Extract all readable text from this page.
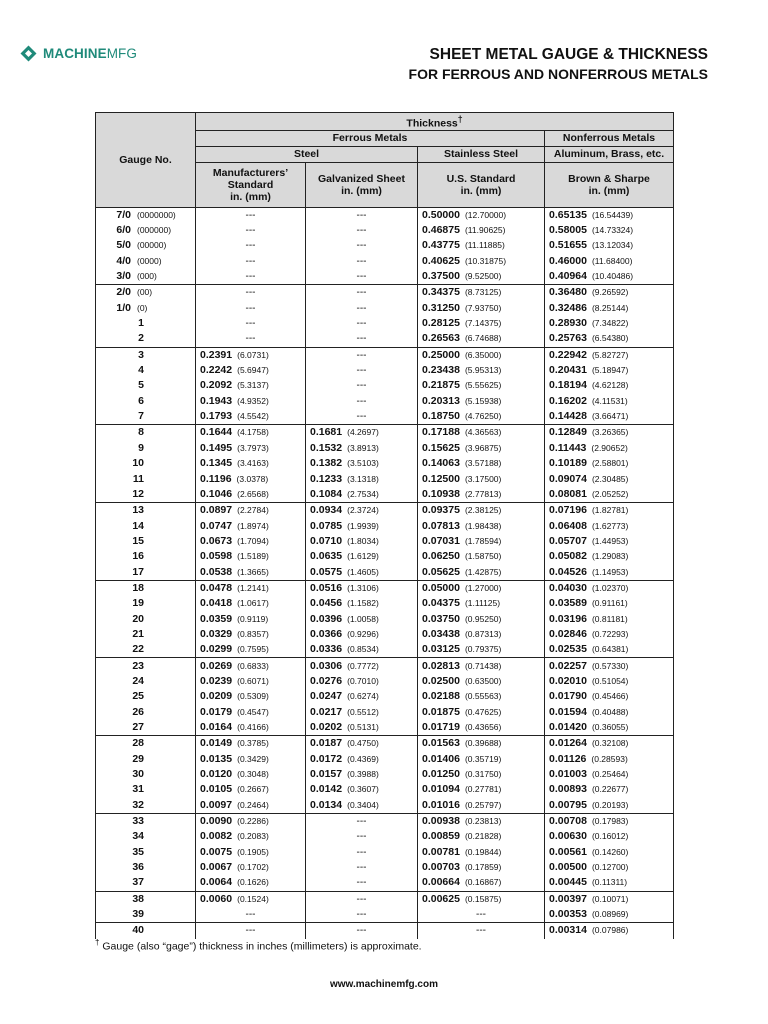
MACHINEMFG	SHEET METAL GAUGE & THICKNESS
FOR FERROUS AND NONFERROUS METALS
Gauge No.	Thickness†
	Ferrous Metals			Nonferrous Metals
	Steel		Stainless Steel	Aluminum, Brass, etc.
	Manufacturers’
Standard
in. (mm)	Galvanized Sheet
in. (mm)	U.S. Standard
in. (mm)	Brown & Sharpe
in. (mm)
7/0 (0000000)	---	---	0.50000 (12.70000)	0.65135 (16.54439)
6/0 (000000)	---	---	0.46875 (11.90625)	0.58005 (14.73324)
5/0 (00000)	---	---	0.43775 (11.11885)	0.51655 (13.12034)
4/0 (0000)	---	---	0.40625 (10.31875)	0.46000 (11.68400)
3/0 (000)	---	---	0.37500 (9.52500)	0.40964 (10.40486)
2/0 (00)	---	---	0.34375 (8.73125)	0.36480 (9.26592)
1/0 (0)	---	---	0.31250 (7.93750)	0.32486 (8.25144)
1	---	---	0.28125 (7.14375)	0.28930 (7.34822)
2	---	---	0.26563 (6.74688)	0.25763 (6.54380)
3	0.2391 (6.0731)	---	0.25000 (6.35000)	0.22942 (5.82727)
4	0.2242 (5.6947)	---	0.23438 (5.95313)	0.20431 (5.18947)
5	0.2092 (5.3137)	---	0.21875 (5.55625)	0.18194 (4.62128)
6	0.1943 (4.9352)	---	0.20313 (5.15938)	0.16202 (4.11531)
7	0.1793 (4.5542)	---	0.18750 (4.76250)	0.14428 (3.66471)
8	0.1644 (4.1758)	0.1681 (4.2697)	0.17188 (4.36563)	0.12849 (3.26365)
9	0.1495 (3.7973)	0.1532 (3.8913)	0.15625 (3.96875)	0.11443 (2.90652)
10	0.1345 (3.4163)	0.1382 (3.5103)	0.14063 (3.57188)	0.10189 (2.58801)
11	0.1196 (3.0378)	0.1233 (3.1318)	0.12500 (3.17500)	0.09074 (2.30485)
12	0.1046 (2.6568)	0.1084 (2.7534)	0.10938 (2.77813)	0.08081 (2.05252)
13	0.0897 (2.2784)	0.0934 (2.3724)	0.09375 (2.38125)	0.07196 (1.82781)
14	0.0747 (1.8974)	0.0785 (1.9939)	0.07813 (1.98438)	0.06408 (1.62773)
15	0.0673 (1.7094)	0.0710 (1.8034)	0.07031 (1.78594)	0.05707 (1.44953)
16	0.0598 (1.5189)	0.0635 (1.6129)	0.06250 (1.58750)	0.05082 (1.29083)
17	0.0538 (1.3665)	0.0575 (1.4605)	0.05625 (1.42875)	0.04526 (1.14953)
18	0.0478 (1.2141)	0.0516 (1.3106)	0.05000 (1.27000)	0.04030 (1.02370)
19	0.0418 (1.0617)	0.0456 (1.1582)	0.04375 (1.11125)	0.03589 (0.91161)
20	0.0359 (0.9119)	0.0396 (1.0058)	0.03750 (0.95250)	0.03196 (0.81181)
21	0.0329 (0.8357)	0.0366 (0.9296)	0.03438 (0.87313)	0.02846 (0.72293)
22	0.0299 (0.7595)	0.0336 (0.8534)	0.03125 (0.79375)	0.02535 (0.64381)
23	0.0269 (0.6833)	0.0306 (0.7772)	0.02813 (0.71438)	0.02257 (0.57330)
24	0.0239 (0.6071)	0.0276 (0.7010)	0.02500 (0.63500)	0.02010 (0.51054)
25	0.0209 (0.5309)	0.0247 (0.6274)	0.02188 (0.55563)	0.01790 (0.45466)
26	0.0179 (0.4547)	0.0217 (0.5512)	0.01875 (0.47625)	0.01594 (0.40488)
27	0.0164 (0.4166)	0.0202 (0.5131)	0.01719 (0.43656)	0.01420 (0.36055)
28	0.0149 (0.3785)	0.0187 (0.4750)	0.01563 (0.39688)	0.01264 (0.32108)
29	0.0135 (0.3429)	0.0172 (0.4369)	0.01406 (0.35719)	0.01126 (0.28593)
30	0.0120 (0.3048)	0.0157 (0.3988)	0.01250 (0.31750)	0.01003 (0.25464)
31	0.0105 (0.2667)	0.0142 (0.3607)	0.01094 (0.27781)	0.00893 (0.22677)
32	0.0097 (0.2464)	0.0134 (0.3404)	0.01016 (0.25797)	0.00795 (0.20193)
33	0.0090 (0.2286)	---	0.00938 (0.23813)	0.00708 (0.17983)
34	0.0082 (0.2083)	---	0.00859 (0.21828)	0.00630 (0.16012)
35	0.0075 (0.1905)	---	0.00781 (0.19844)	0.00561 (0.14260)
36	0.0067 (0.1702)	---	0.00703 (0.17859)	0.00500 (0.12700)
37	0.0064 (0.1626)	---	0.00664 (0.16867)	0.00445 (0.11311)
38	0.0060 (0.1524)	---	0.00625 (0.15875)	0.00397 (0.10071)
39	---	---	---	0.00353 (0.08969)
40	---	---	---	0.00314 (0.07986)
† Gauge (also “gage”) thickness in inches (millimeters) is approximate.
www.machinemfg.com
